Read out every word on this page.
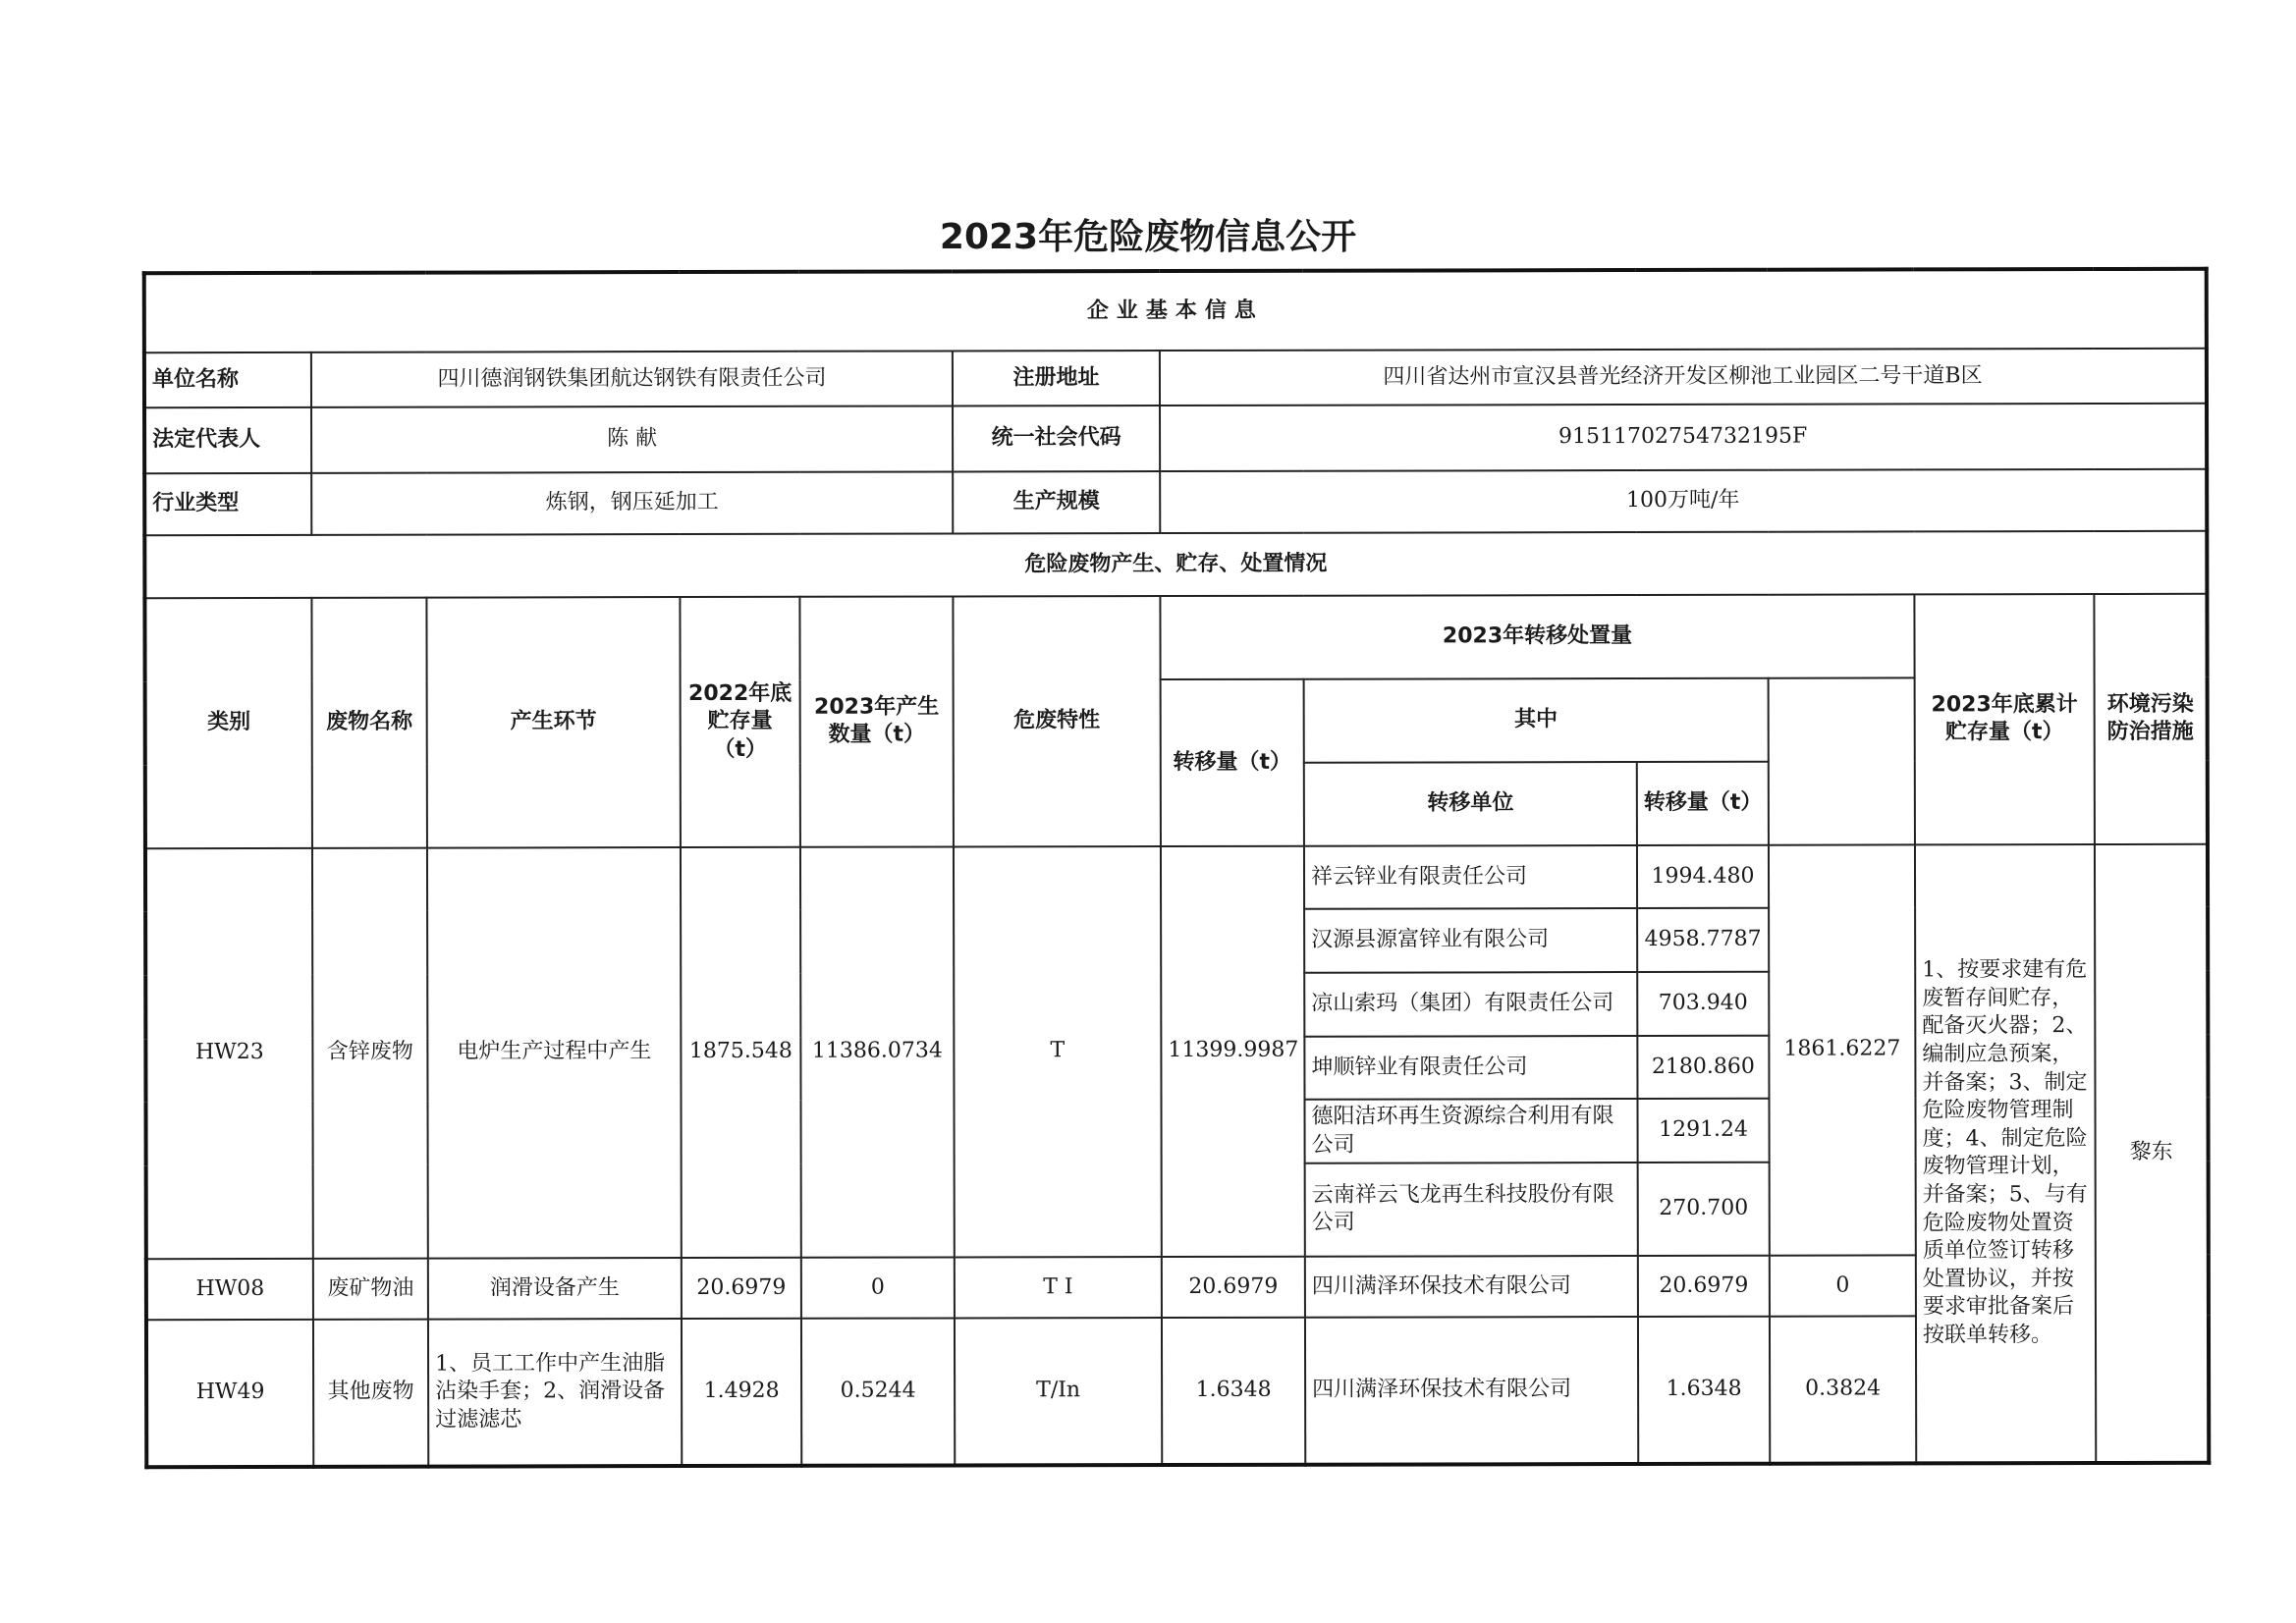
2023年危险废物信息公开
企业基本信息											
单位名称	四川德润钢铁集团航达钢铁有限责任公司				注册地址	四川省达州市宣汉县普光经济开发区柳池工业园区二号干道B区					
法定代表人	陈 献				统一社会代码	91511702754732195F					
行业类型	炼钢，钢压延加工				生产规模	100万吨/年					
危险废物产生、贮存、处置情况											
类别	废物名称	产生环节	2022年底贮存量（t）	2023年产生数量（t）	危废特性	2023年转移处置量				2023年底累计贮存量（t）	环境污染防治措施
						转移量（t）	其中				
							转移单位	转移量（t）			
HW23	含锌废物	电炉生产过程中产生	1875.548	11386.0734	T	11399.9987	祥云锌业有限责任公司	1994.480	1861.6227	1、按要求建有危废暂存间贮存，配备灭火器；2、编制应急预案，并备案；3、制定危险废物管理制度；4、制定危险废物管理计划，并备案；5、与有危险废物处置资质单位签订转移处置协议，并按要求审批备案后按联单转移。	黎东
							汉源县源富锌业有限公司	4958.7787			
							凉山索玛（集团）有限责任公司	703.940			
							坤顺锌业有限责任公司	2180.860			
							德阳洁环再生资源综合利用有限公司	1291.24			
							云南祥云飞龙再生科技股份有限公司	270.700			
HW08	废矿物油	润滑设备产生	20.6979	0	T I	20.6979	四川满泽环保技术有限公司	20.6979	0		
HW49	其他废物	1、员工工作中产生油脂沾染手套；2、润滑设备过滤滤芯	1.4928	0.5244	T/In	1.6348	四川满泽环保技术有限公司	1.6348	0.3824		
